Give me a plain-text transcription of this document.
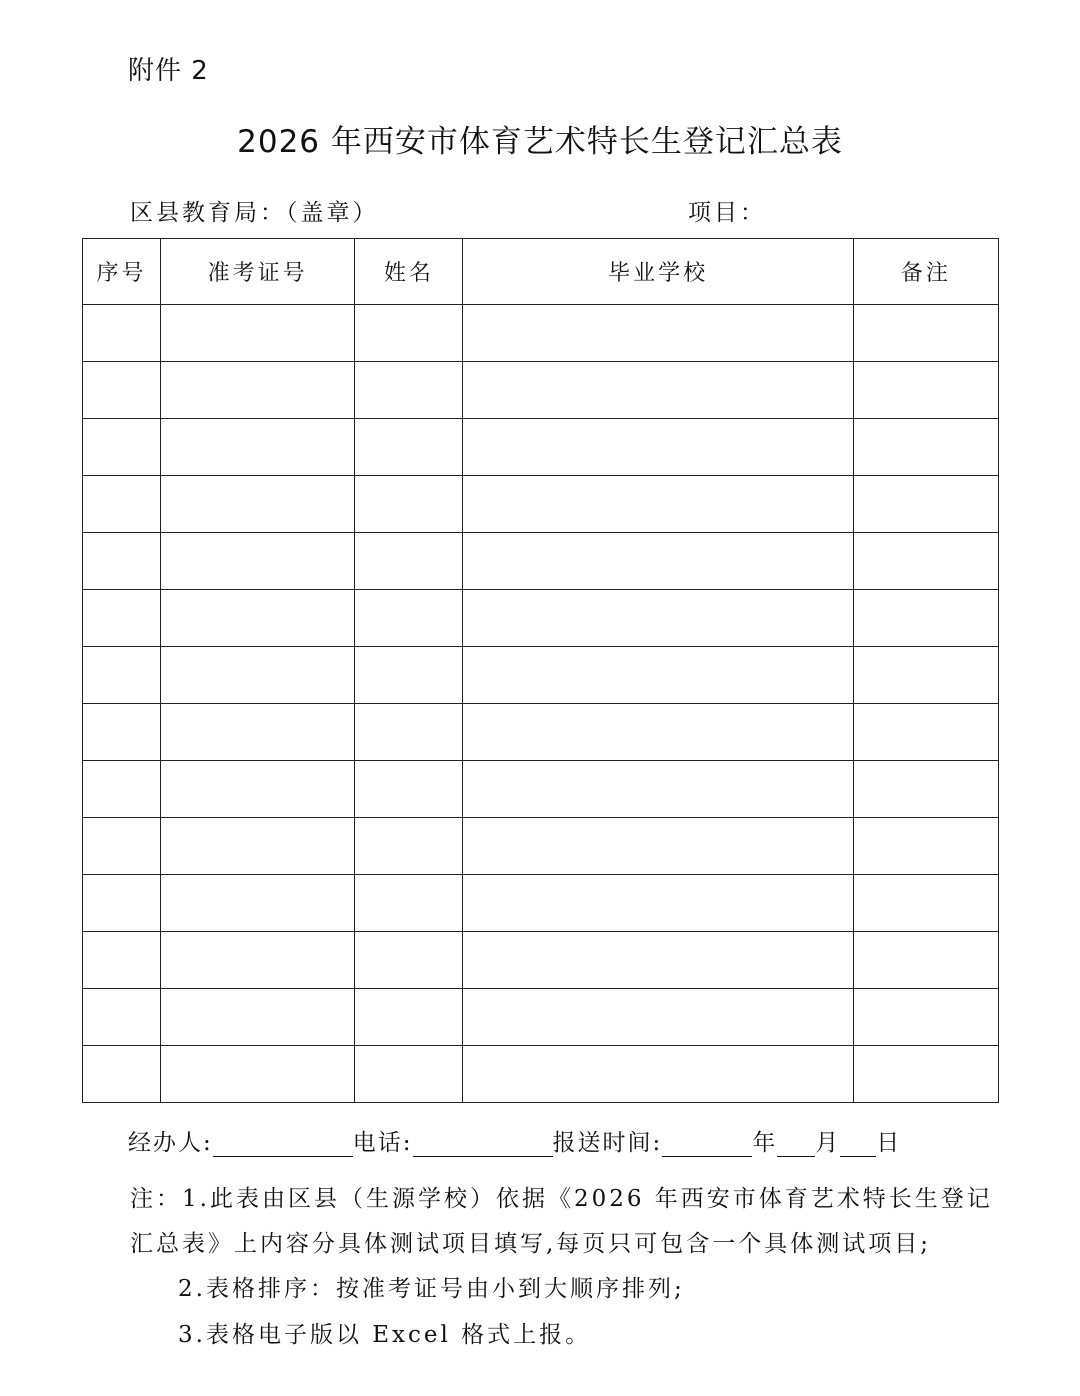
附件 2
2026 年西安市体育艺术特长生登记汇总表
区县教育局：（盖章）	项目：
序号	准考证号	姓名	毕业学校	备注

经办人:	电话:	报送时间:	年 月 日
注：1.此表由区县（生源学校）依据《2026 年西安市体育艺术特长生登记
汇总表》上内容分具体测试项目填写,每页只可包含一个具体测试项目;
2.表格排序：按准考证号由小到大顺序排列;
3.表格电子版以 Excel 格式上报。
